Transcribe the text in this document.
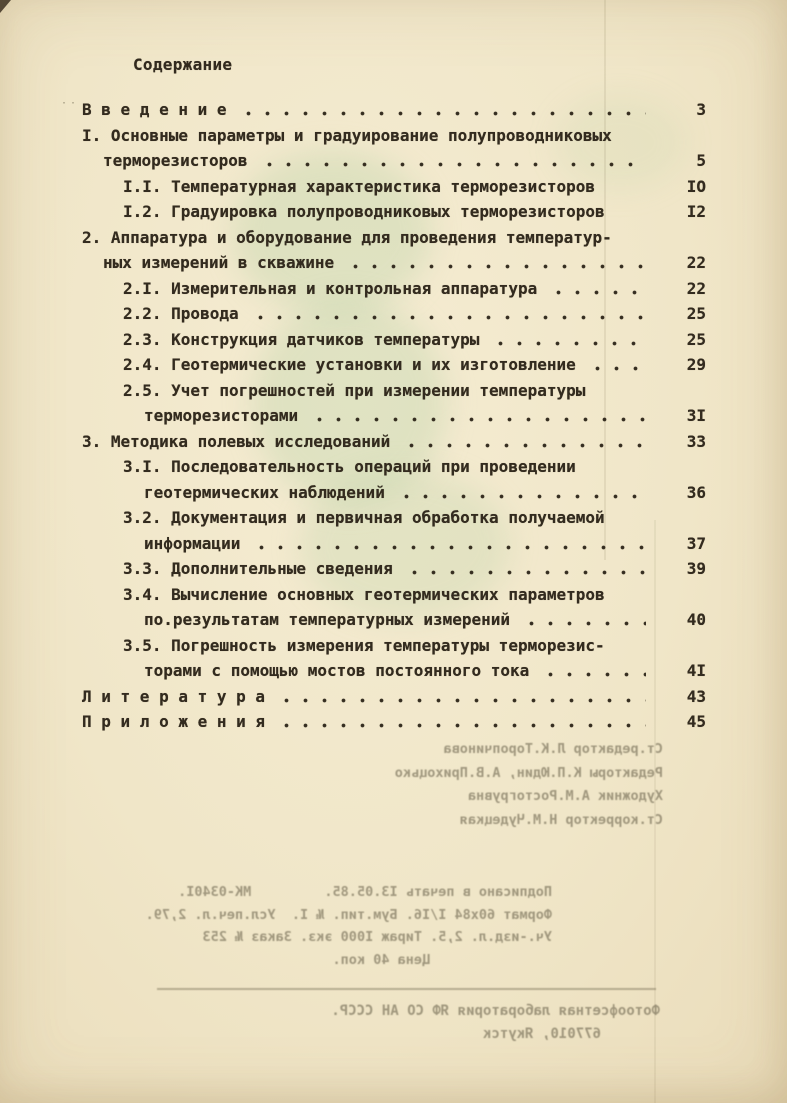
··
Содержание
В в е д е н и е	3
I. Основные параметры и градуирование полупроводниковых
терморезисторов	5
I.I. Температурная характеристика терморезисторов	IO
I.2. Градуировка полупроводниковых терморезисторов	I2
2. Аппаратура и оборудование для проведения температур-
ных измерений в скважине	22
2.I. Измерительная и контрольная аппаратура	22
2.2. Провода	25
2.3. Конструкция датчиков температуры	25
2.4. Геотермические установки и их изготовление	29
2.5. Учет погрешностей при измерении температуры
терморезисторами	3I
3. Методика полевых исследований	33
3.I. Последовательность операций при проведении
геотермических наблюдений	36
3.2. Документация и первичная обработка получаемой
информации	37
3.3. Дополнительные сведения	39
3.4. Вычисление основных геотермических параметров
по.результатам температурных измерений	40
3.5. Погрешность измерения температуры терморезис-
торами с помощью мостов постоянного тока	4I
Л и т е р а т у р а	43
П р и л о ж е н и я	45
Ст.редактор Л.К.Торопчинова
Редакторы К.П.Юдин, А.В.Прихоцько
Художник А.М.Ростогрувна
Ст.корректор Н.М.Чудецкая
Подписано в печать I3.05.85.         МК-0340I.
Формат 60х84 I/I6. Бум.тип. № I.  Усл.печ.л. 2,79.
Уч.-изд.л. 2,5. Тираж I000 экз. Заказ № 253
Цена 40 коп.
Фотоофсетная лаборатория ЯФ СО АН СССР.
677010, Якутск
